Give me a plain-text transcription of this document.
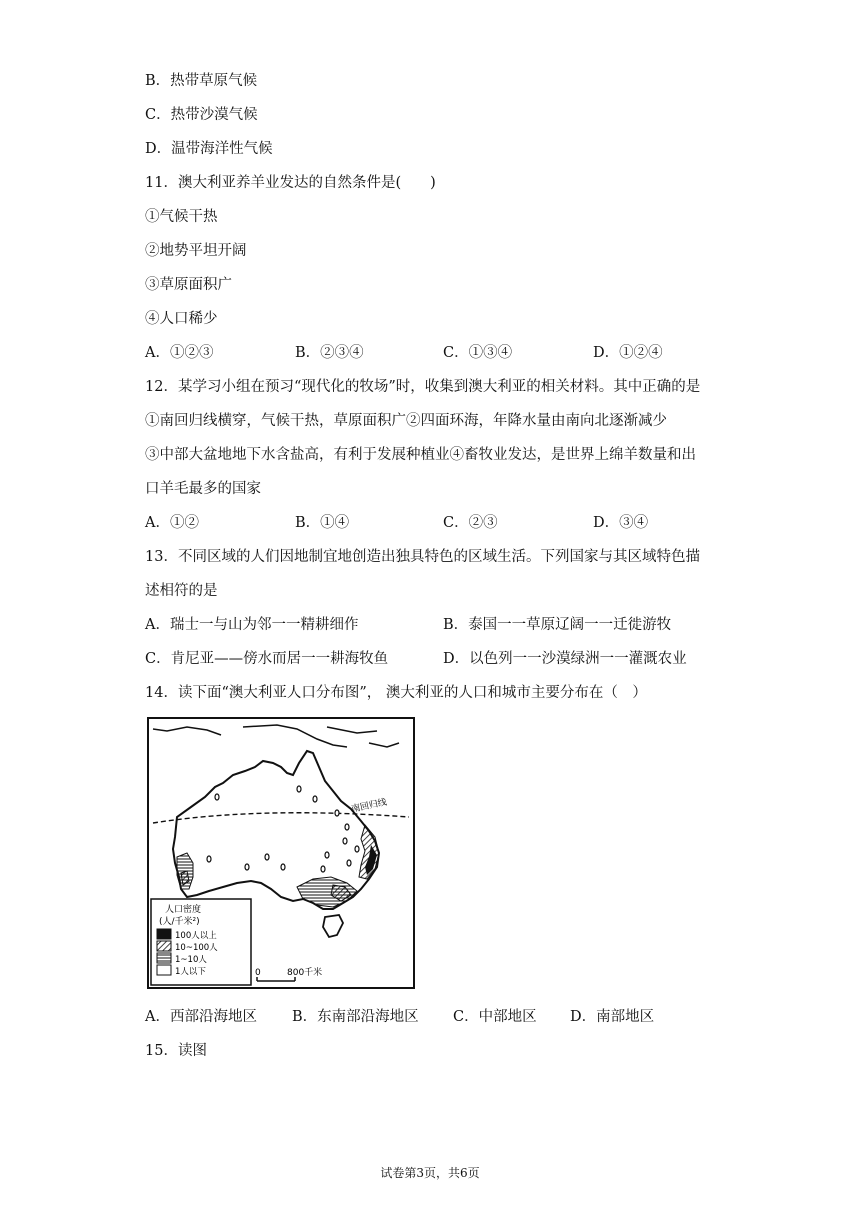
B．热带草原气候
C．热带沙漠气候
D．温带海洋性气候
11．澳大利亚养羊业发达的自然条件是(　　)
①气候干热
②地势平坦开阔
③草原面积广
④人口稀少
A．①②③	B．②③④	C．①③④	D．①②④
12．某学习小组在预习“现代化的牧场”时，收集到澳大利亚的相关材料。其中正确的是
①南回归线横穿，气候干热，草原面积广②四面环海，年降水量由南向北逐渐减少
③中部大盆地地下水含盐高，有利于发展种植业④畜牧业发达，是世界上绵羊数量和出
口羊毛最多的国家
A．①②	B．①④	C．②③	D．③④
13．不同区域的人们因地制宜地创造出独具特色的区域生活。下列国家与其区域特色描
述相符的是
A．瑞士一与山为邻一一精耕细作	B．泰国一一草原辽阔一一迁徙游牧
C．肯尼亚——傍水而居一一耕海牧鱼	D．以色列一一沙漠绿洲一一灌溉农业
14．读下面“澳大利亚人口分布图”， 澳大利亚的人口和城市主要分布在（　）
南回归线
人口密度
(人/千米²)
100人以上
10~100人
1~10人
1人以下	0	800千米
A．西部沿海地区 B．东南部沿海地区 C．中部地区 D．南部地区
15．读图
试卷第3页，共6页
